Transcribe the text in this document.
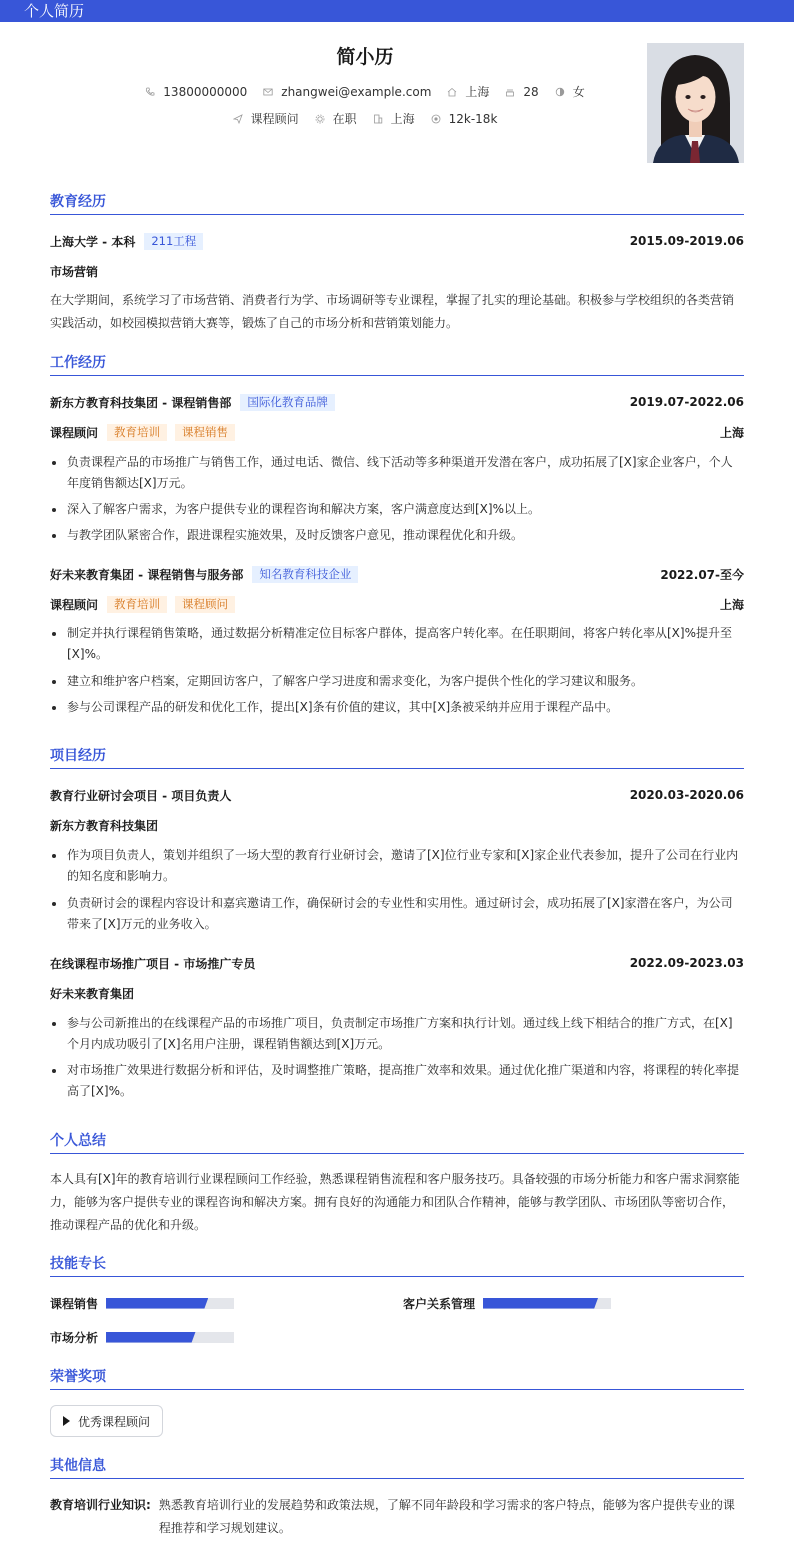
个人简历
简小历
13800000000	zhangwei@example.com	上海	28	女
课程顾问	在职	上海	12k-18k
教育经历
上海大学 - 本科	211工程	2015.09-2019.06
市场营销
在大学期间，系统学习了市场营销、消费者行为学、市场调研等专业课程，掌握了扎实的理论基础。积极参与学校组织的各类营销实践活动，如校园模拟营销大赛等，锻炼了自己的市场分析和营销策划能力。
工作经历
新东方教育科技集团 - 课程销售部	国际化教育品牌	2019.07-2022.06
课程顾问	教育培训	课程销售	上海
负责课程产品的市场推广与销售工作，通过电话、微信、线下活动等多种渠道开发潜在客户，成功拓展了[X]家企业客户，个人年度销售额达[X]万元。
深入了解客户需求，为客户提供专业的课程咨询和解决方案，客户满意度达到[X]%以上。
与教学团队紧密合作，跟进课程实施效果，及时反馈客户意见，推动课程优化和升级。
好未来教育集团 - 课程销售与服务部	知名教育科技企业	2022.07-至今
课程顾问	教育培训	课程顾问	上海
制定并执行课程销售策略，通过数据分析精准定位目标客户群体，提高客户转化率。在任职期间，将客户转化率从[X]%提升至[X]%。
建立和维护客户档案，定期回访客户，了解客户学习进度和需求变化，为客户提供个性化的学习建议和服务。
参与公司课程产品的研发和优化工作，提出[X]条有价值的建议，其中[X]条被采纳并应用于课程产品中。
项目经历
教育行业研讨会项目 - 项目负责人	2020.03-2020.06
新东方教育科技集团
作为项目负责人，策划并组织了一场大型的教育行业研讨会，邀请了[X]位行业专家和[X]家企业代表参加，提升了公司在行业内的知名度和影响力。
负责研讨会的课程内容设计和嘉宾邀请工作，确保研讨会的专业性和实用性。通过研讨会，成功拓展了[X]家潜在客户，为公司带来了[X]万元的业务收入。
在线课程市场推广项目 - 市场推广专员	2022.09-2023.03
好未来教育集团
参与公司新推出的在线课程产品的市场推广项目，负责制定市场推广方案和执行计划。通过线上线下相结合的推广方式，在[X]个月内成功吸引了[X]名用户注册，课程销售额达到[X]万元。
对市场推广效果进行数据分析和评估，及时调整推广策略，提高推广效率和效果。通过优化推广渠道和内容，将课程的转化率提高了[X]%。
个人总结
本人具有[X]年的教育培训行业课程顾问工作经验，熟悉课程销售流程和客户服务技巧。具备较强的市场分析能力和客户需求洞察能力，能够为客户提供专业的课程咨询和解决方案。拥有良好的沟通能力和团队合作精神，能够与教学团队、市场团队等密切合作，推动课程产品的优化和升级。
技能专长
课程销售	客户关系管理
市场分析
荣誉奖项
优秀课程顾问
其他信息
教育培训行业知识: 熟悉教育培训行业的发展趋势和政策法规，了解不同年龄段和学习需求的客户特点，能够为客户提供专业的课程推荐和学习规划建议。
